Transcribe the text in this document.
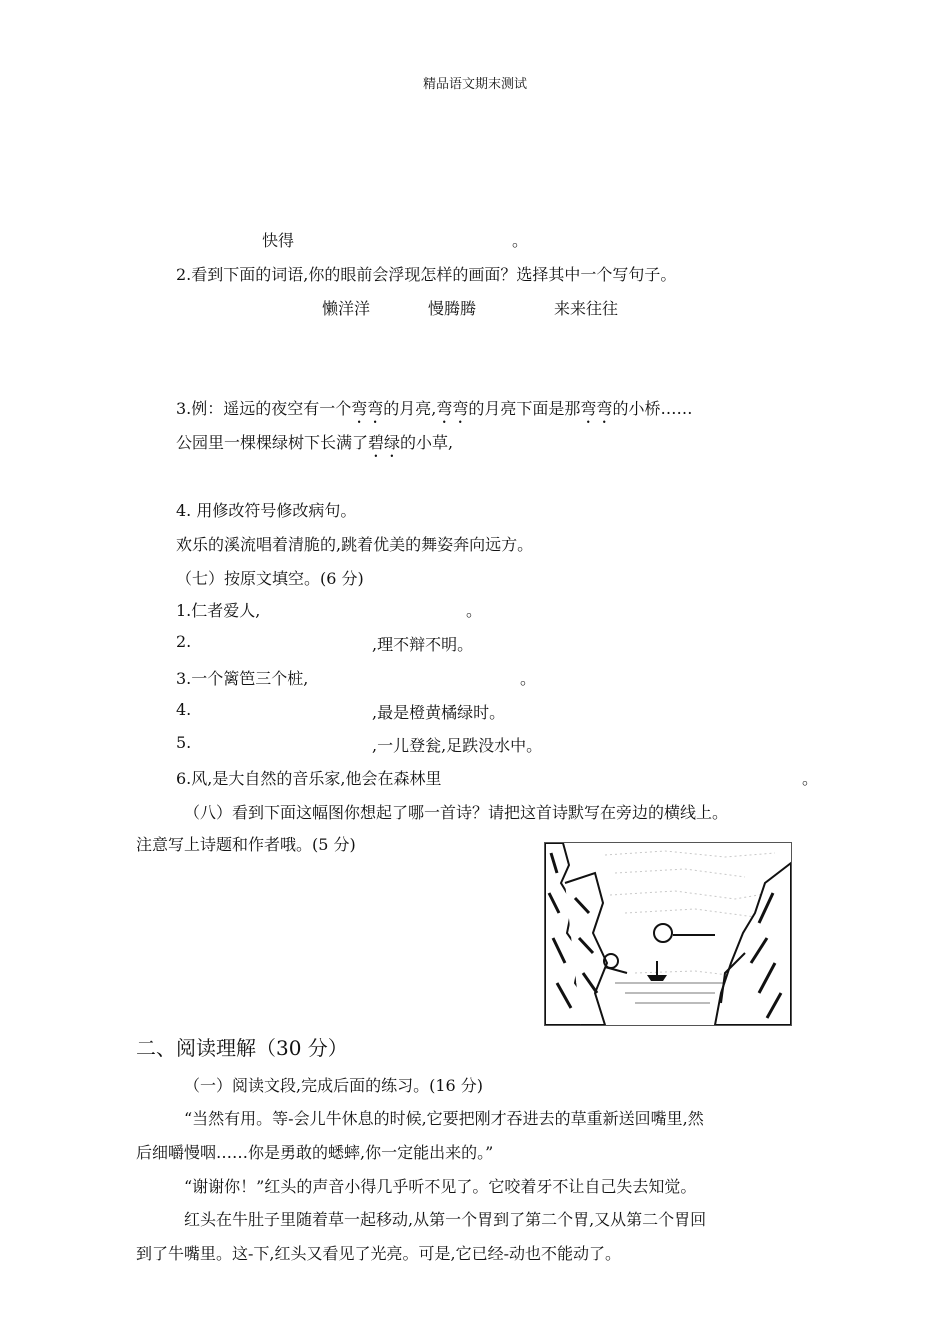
精品语文期末测试
快得	。
2.看到下面的词语,你的眼前会浮现怎样的画面？选择其中一个写句子。
懒洋洋	慢腾腾	来来往往
3.例：遥远的夜空有一个弯弯的月亮,弯弯的月亮下面是那弯弯的小桥……
公园里一棵棵绿树下长满了碧绿的小草,
4. 用修改符号修改病句。
欢乐的溪流唱着清脆的,跳着优美的舞姿奔向远方。
（七）按原文填空。(6 分)
1.仁者爱人,	。
2.	,理不辩不明。
3.一个篱笆三个桩,	。
4.	,最是橙黄橘绿时。
5.	,一儿登瓮,足跌没水中。
6.风,是大自然的音乐家,他会在森林里	。
（八）看到下面这幅图你想起了哪一首诗？请把这首诗默写在旁边的横线上。
注意写上诗题和作者哦。(5 分)
二、阅读理解（30 分）
（一）阅读文段,完成后面的练习。(16 分)
“当然有用。等-会儿牛休息的时候,它要把刚才吞进去的草重新送回嘴里,然
后细嚼慢咽……你是勇敢的蟋蟀,你一定能出来的。”
“谢谢你！”红头的声音小得几乎听不见了。它咬着牙不让自己失去知觉。
红头在牛肚子里随着草一起移动,从第一个胃到了第二个胃,又从第二个胃回
到了牛嘴里。这-下,红头又看见了光亮。可是,它已经-动也不能动了。
